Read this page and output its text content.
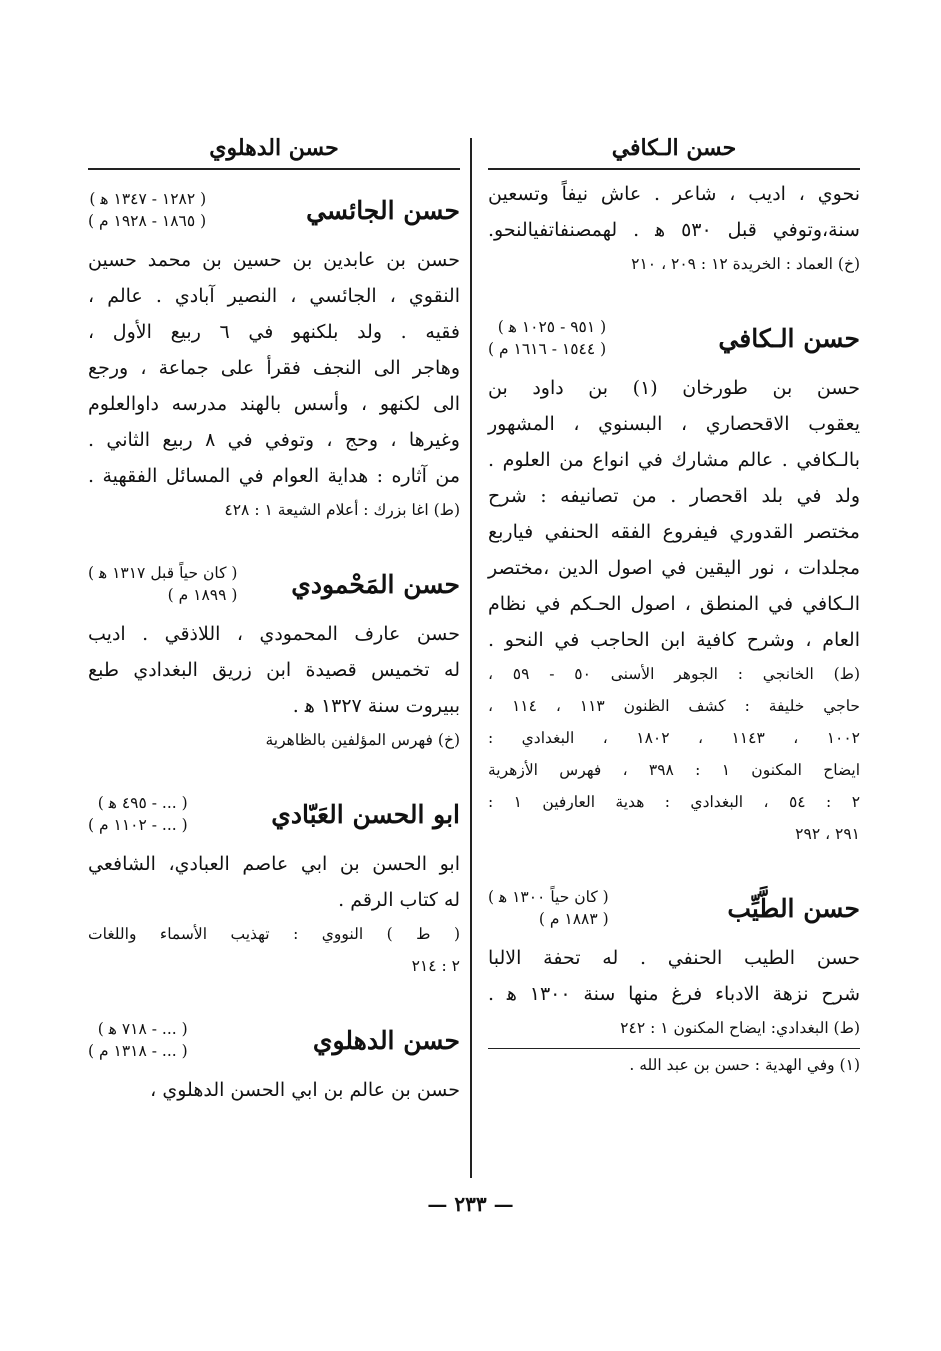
حسن الـكافي
نحوي ، اديب ، شاعر . عاش نيفاً وتسعين
سنة،وتوفي قبل ٥٣٠ ﻫ . لهمصنفاتفيالنحو.
(خ) العماد : الخريدة ١٢ : ٢٠٩ ، ٢١٠
حسن الـكافي
( ٩٥١ - ١٠٢٥ ﻫ )
( ١٥٤٤ - ١٦١٦ م )
حسن بن طورخان (١) بن داود بن
يعقوب الاقحصاري ، البسنوي ، المشهور
بالـكافي . عالم مشارك في انواع من العلوم .
ولد في بلد اقحصار . من تصانيفه : شرح
مختصر القدوري فيفروع الفقه الحنفي فياربع
مجلدات ، نور اليقين في اصول الدين ،مختصر
الـكافي في المنطق ، اصول الحـكم في نظام
العام ، وشرح كافية ابن الحاجب في النحو .
(ط) الخانجي : الجوهر الأسنى ٥٠ - ٥٩ ،
حاجي خليفة : كشف الظنون ١١٣ ، ١١٤ ،
١٠٠٢ ، ١١٤٣ ، ١٨٠٢ ، البغدادي :
ايضاح المكنون ١ : ٣٩٨ ، فهرس الأزهرية
٢ : ٥٤ ، البغدادي : هدية العارفين ١ :
٢٩١ ، ٢٩٢
حسن الطَّيِّب
( كان حياً ١٣٠٠ ﻫ )
( ١٨٨٣ م )
حسن الطيب الحنفي . له تحفة الالبا
شرح نزهة الادباء فرغ منها سنة ١٣٠٠ ﻫ .
(ط) البغدادي: ايضاح المكنون ١ : ٢٤٢
(١) وفي الهدية : حسن بن عبد الله .
حسن الدهلوي
حسن الجائسي
( ١٢٨٢ - ١٣٤٧ ﻫ )
( ١٨٦٥ - ١٩٢٨ م )
حسن بن عابدين بن حسين بن محمد حسين
النقوي ، الجائسي ، النصير آبادي . عالم ،
فقيه . ولد بلكنهو في ٦ ربيع الأول ،
وهاجر الى النجف فقرأ على جماعة ، ورجع
الى لكنهو ، وأسس بالهند مدرسه داوالعلوم
وغيرها ، وحج ، وتوفي في ٨ ربيع الثاني .
من آثاره : هداية العوام في المسائل الفقهية .
(ط) اغا بزرك : أعلام الشيعة ١ : ٤٢٨
حسن المَحْمودي
( كان حياً قبل ١٣١٧ ﻫ )
( ١٨٩٩ م )
حسن عارف المحمودي ، اللاذقي . اديب
له تخميس قصيدة ابن زريق البغدادي طبع
ببيروت سنة ١٣٢٧ ﻫ .
(خ) فهرس المؤلفين بالظاهرية
ابو الحسن العَبّادي
( ... - ٤٩٥ ﻫ )
( ... - ١١٠٢ م )
ابو الحسن بن ابي عاصم العبادي، الشافعي
له كتاب الرقم .
( ط ) النووي : تهذيب الأسماء واللغات
٢ : ٢١٤
حسن الدهلوي
( ... - ٧١٨ ﻫ )
( ... - ١٣١٨ م )
حسن بن عالم بن ابي الحسن الدهلوي ،
— ٢٣٣ —
